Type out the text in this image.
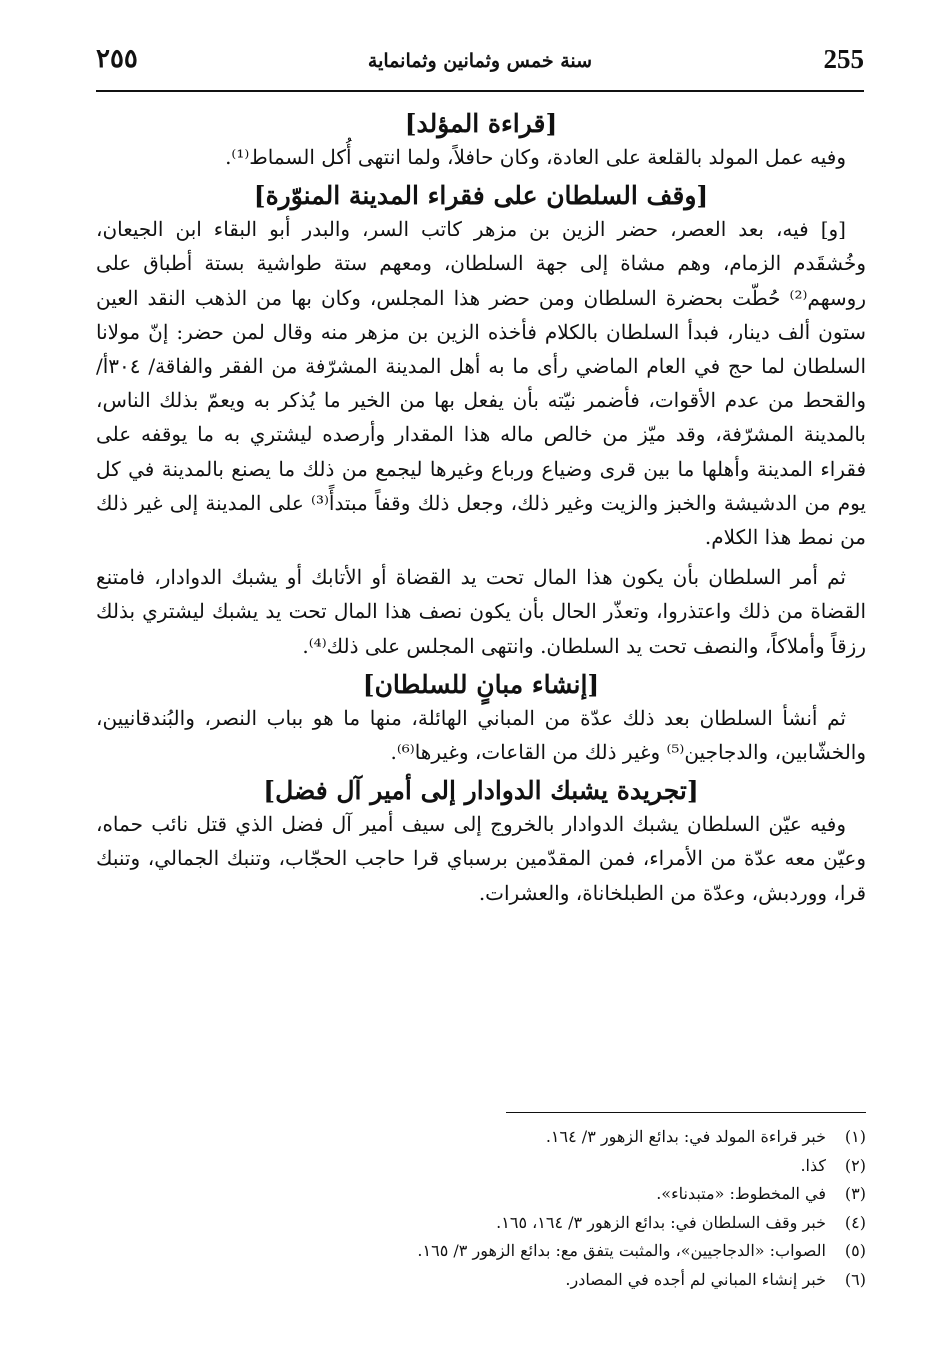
255
سنة خمس وثمانين وثمانماية
٢٥٥
[قراءة المؤلد]

وفيه عمل المولد بالقلعة على العادة، وكان حافلاً، ولما انتهى أُكل السماط⁽¹⁾.

[وقف السلطان على فقراء المدينة المنوّرة]

[و] فيه، بعد العصر، حضر الزين بن مزهر كاتب السر، والبدر أبو البقاء ابن الجيعان، وخُشقَدم الزمام، وهم مشاة إلى جهة السلطان، ومعهم ستة طواشية بستة أطباق على روسهم⁽²⁾ حُطّت بحضرة السلطان ومن حضر هذا المجلس، وكان بها من الذهب النقد العين ستون ألف دينار، فبدأ السلطان بالكلام فأخذه الزين بن مزهر منه وقال لمن حضر: إنّ مولانا السلطان لما حج في العام الماضي رأى ما به أهل المدينة المشرّفة من الفقر والفاقة/ ٣٠٤أ/ والقحط من عدم الأقوات، فأضمر نيّته بأن يفعل بها من الخير ما يُذكر به ويعمّ بذلك الناس، بالمدينة المشرّفة، وقد ميّز من خالص ماله هذا المقدار وأرصده ليشتري به ما يوقفه على فقراء المدينة وأهلها ما بين قرى وضياع ورباع وغيرها ليجمع من ذلك ما يصنع بالمدينة في كل يوم من الدشيشة والخبز والزيت وغير ذلك، وجعل ذلك وقفاً مبتدأً⁽³⁾ على المدينة إلى غير ذلك من نمط هذا الكلام.

ثم أمر السلطان بأن يكون هذا المال تحت يد القضاة أو الأتابك أو يشبك الدوادار، فامتنع القضاة من ذلك واعتذروا، وتعذّر الحال بأن يكون نصف هذا المال تحت يد يشبك ليشتري بذلك رزقاً وأملاكاً، والنصف تحت يد السلطان. وانتهى المجلس على ذلك⁽⁴⁾.

[إنشاء مبانٍ للسلطان]

ثم أنشأ السلطان بعد ذلك عدّة من المباني الهائلة، منها ما هو بباب النصر، والبُندقانيين، والخشّابين، والدجاجين⁽⁵⁾ وغير ذلك من القاعات، وغيرها⁽⁶⁾.

[تجريدة يشبك الدوادار إلى أمير آل فضل]

وفيه عيّن السلطان يشبك الدوادار بالخروج إلى سيف أمير آل فضل الذي قتل نائب حماه، وعيّن معه عدّة من الأمراء، فمن المقدّمين برسباي قرا حاجب الحجّاب، وتنبك الجمالي، وتنبك قرا، ووردبش، وعدّة من الطبلخاناة، والعشرات.

(١)
خبر قراءة المولد في: بدائع الزهور ٣/ ١٦٤.
(٢)
كذا.
(٣)
في المخطوط: «متبدناء».
(٤)
خبر وقف السلطان في: بدائع الزهور ٣/ ١٦٤، ١٦٥.
(٥)
الصواب: «الدجاجيين»، والمثبت يتفق مع: بدائع الزهور ٣/ ١٦٥.
(٦)
خبر إنشاء المباني لم أجده في المصادر.
